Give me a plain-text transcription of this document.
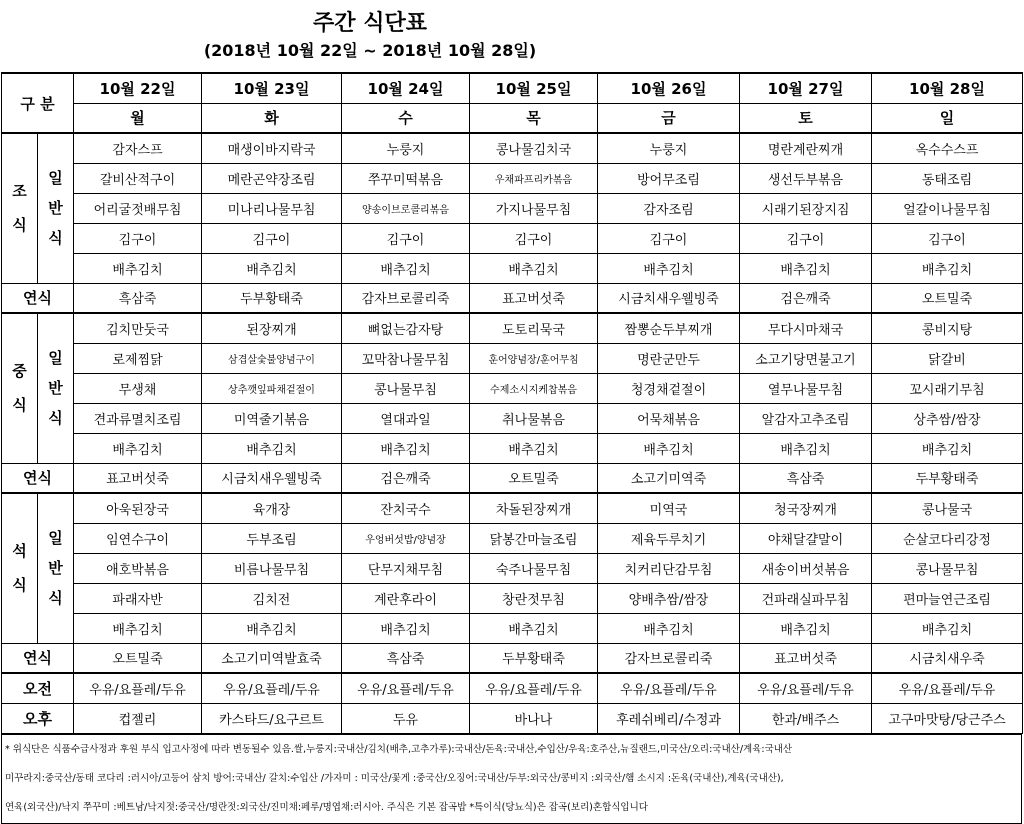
주간 식단표
(2018년 10월 22일 ~ 2018년 10월 28일)
구 분		10월 22일	10월 23일	10월 24일	10월 25일	10월 26일	10월 27일	10월 28일
		월	화	수	목	금	토	일

조
식	일
반
식	감자스프	매생이바지락국	누룽지	콩나물김치국	누룽지	명란계란찌개	옥수수스프
		갈비산적구이	메란곤약장조림	쭈꾸미떡볶음	우채파프리카볶음	방어무조림	생선두부볶음	동태조림
		어리굴젓배무침	미나리나물무침	양송이브로콜리볶음	가지나물무침	감자조림	시래기된장지짐	얼갈이나물무침
		김구이	김구이	김구이	김구이	김구이	김구이	김구이
		배추김치	배추김치	배추김치	배추김치	배추김치	배추김치	배추김치
연식		흑삼죽	두부황태죽	감자브로콜리죽	표고버섯죽	시금치새우웰빙죽	검은깨죽	오트밀죽

중
식	일
반
식	김치만둣국	된장찌개	뼈없는감자탕	도토리묵국	짬뽕순두부찌개	무다시마채국	콩비지탕
		로제찜닭	삼겹살숯불양념구이	꼬막참나물무침	훈어양념장/훈어무침	명란군만두	소고기당면불고기	닭갈비
		무생채	상추깻잎파채겉절이	콩나물무침	수제소시지케찹볶음	청경채겉절이	열무나물무침	꼬시래기무침
		견과류멸치조림	미역줄기볶음	열대과일	취나물볶음	어묵채볶음	알감자고추조림	상추쌈/쌈장
		배추김치	배추김치	배추김치	배추김치	배추김치	배추김치	배추김치
연식		표고버섯죽	시금치새우웰빙죽	검은깨죽	오트밀죽	소고기미역죽	흑삼죽	두부황태죽

석
식	일
반
식	아욱된장국	육개장	잔치국수	차돌된장찌개	미역국	청국장찌개	콩나물국
		임연수구이	두부조림	우엉버섯밥/양념장	닭봉간마늘조림	제육두루치기	야채달걀말이	순살코다리강정
		애호박볶음	비름나물무침	단무지채무침	숙주나물무침	치커리단감무침	새송이버섯볶음	콩나물무침
		파래자반	김치전	계란후라이	창란젓무침	양배추쌈/쌈장	건파래실파무침	편마늘연근조림
		배추김치	배추김치	배추김치	배추김치	배추김치	배추김치	배추김치
연식		오트밀죽	소고기미역발효죽	흑삼죽	두부황태죽	감자브로콜리죽	표고버섯죽	시금치새우죽
오전		우유/요플레/두유	우유/요플레/두유	우유/요플레/두유	우유/요플레/두유	우유/요플레/두유	우유/요플레/두유	우유/요플레/두유
오후		컵젤리	카스타드/요구르트	두유	바나나	후레쉬베리/수정과	한과/배주스	고구마맛탕/당근주스
* 위식단은 식품수급사정과 후원 부식 입고사정에 따라 변동될수 있음.쌀,누룽지:국내산/김치(배추,고추가루):국내산/돈육:국내산,수입산/우육:호주산,뉴질랜드,미국산/오리:국내산/계육:국내산
미꾸라지:중국산/동태 코다리 :러시아/고등어 삼치 방어:국내산/ 갈치:수입산 /가자미 : 미국산/꽃게 :중국산/오징어:국내산/두부:외국산/콩비지 :외국산/햄 소시지 :돈육(국내산),계육(국내산),
연육(외국산)/낙지 쭈꾸미 :베트남/낙지젓:중국산/명란젓:외국산/진미채:페루/명엽채:러시아. 주식은 기본 잡곡밥 *특이식(당뇨식)은 잡곡(보리)혼합식입니다
